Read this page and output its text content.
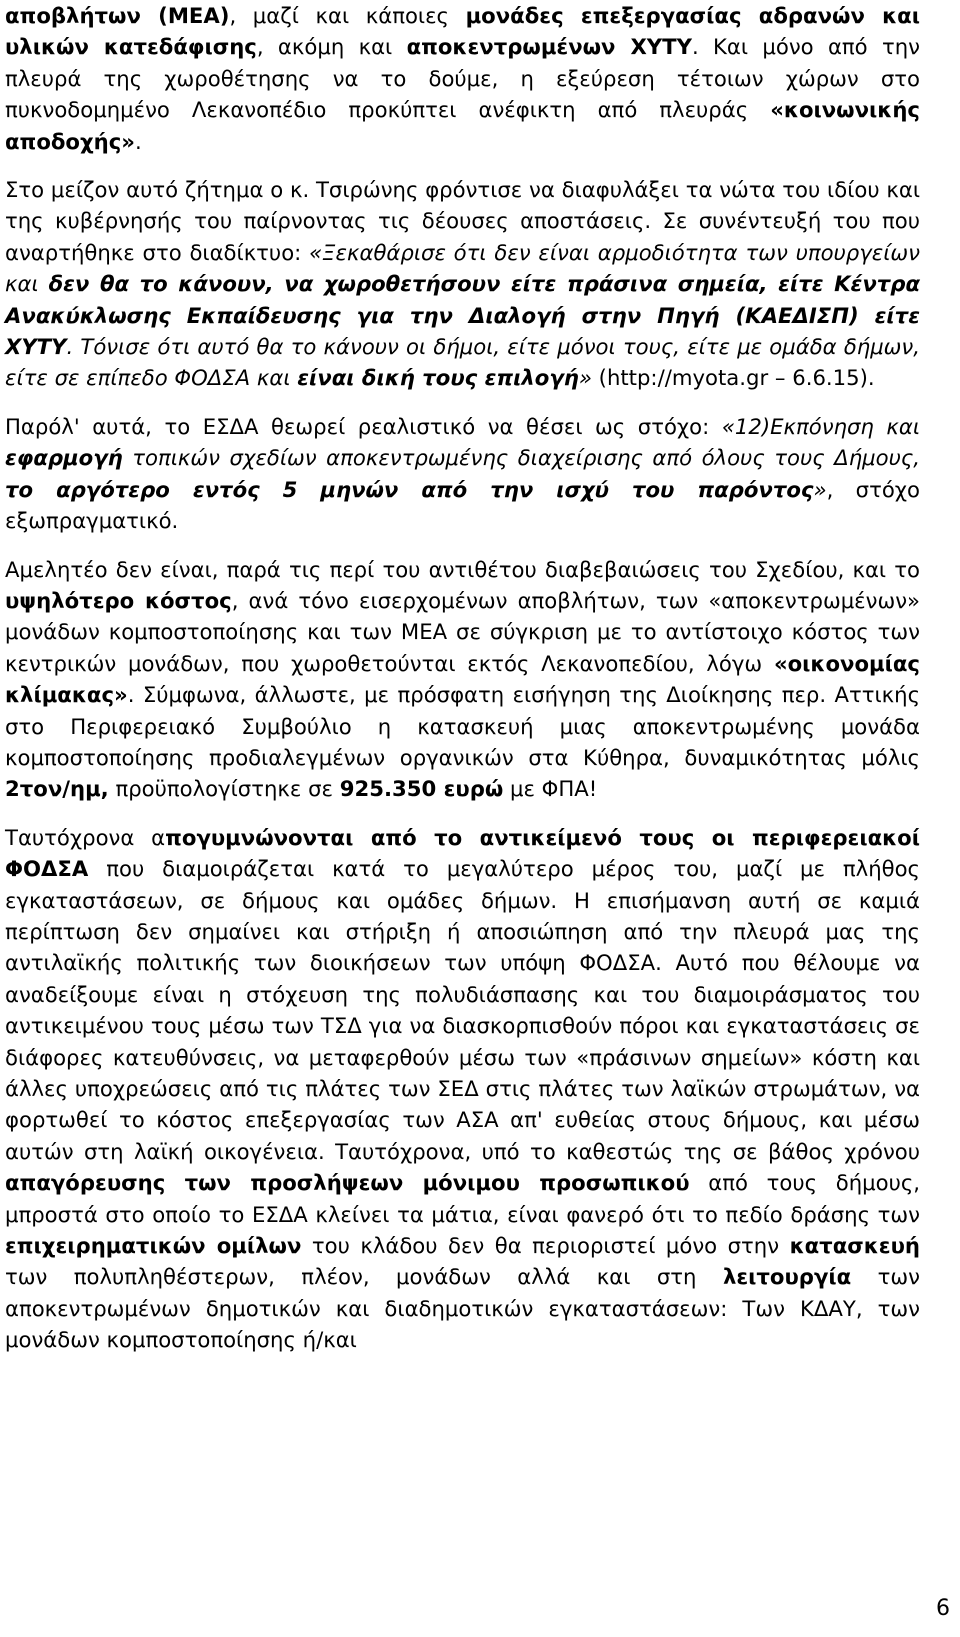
αποβλήτων (ΜΕΑ), μαζί και κάποιες μονάδες επεξεργασίας αδρανών και υλικών κατεδάφισης, ακόμη και αποκεντρωμένων ΧΥΤΥ. Και μόνο από την πλευρά της χωροθέτησης να το δούμε, η εξεύρεση τέτοιων χώρων στο πυκνοδομημένο Λεκανοπέδιο προκύπτει ανέφικτη από πλευράς «κοινωνικής αποδοχής».

Στο μείζον αυτό ζήτημα ο κ. Τσιρώνης φρόντισε να διαφυλάξει τα νώτα του ιδίου και της κυβέρνησής του παίρνοντας τις δέουσες αποστάσεις. Σε συνέντευξή του που αναρτήθηκε στο διαδίκτυο: «Ξεκαθάρισε ότι δεν είναι αρμοδιότητα των υπουργείων και δεν θα το κάνουν, να χωροθετήσουν είτε πράσινα σημεία, είτε Κέντρα Ανακύκλωσης Εκπαίδευσης για την Διαλογή στην Πηγή (ΚΑΕΔΙΣΠ) είτε ΧΥΤΥ. Τόνισε ότι αυτό θα το κάνουν οι δήμοι, είτε μόνοι τους, είτε με ομάδα δήμων, είτε σε επίπεδο ΦΟΔΣΑ και είναι δική τους επιλογή» (http://myota.gr – 6.6.15).

Παρόλ' αυτά, το ΕΣΔΑ θεωρεί ρεαλιστικό να θέσει ως στόχο: «12)Εκπόνηση και εφαρμογή τοπικών σχεδίων αποκεντρωμένης διαχείρισης από όλους τους Δήμους, το αργότερο εντός 5 μηνών από την ισχύ του παρόντος», στόχο εξωπραγματικό.

Αμελητέο δεν είναι, παρά τις περί του αντιθέτου διαβεβαιώσεις του Σχεδίου, και το υψηλότερο κόστος, ανά τόνο εισερχομένων αποβλήτων, των «αποκεντρωμένων» μονάδων κομποστοποίησης και των ΜΕΑ σε σύγκριση με το αντίστοιχο κόστος των κεντρικών μονάδων, που χωροθετούνται εκτός Λεκανοπεδίου, λόγω «οικονομίας κλίμακας». Σύμφωνα, άλλωστε, με πρόσφατη εισήγηση της Διοίκησης περ. Αττικής στο Περιφερειακό Συμβούλιο η κατασκευή μιας αποκεντρωμένης μονάδα κομποστοποίησης προδιαλεγμένων οργανικών στα Κύθηρα, δυναμικότητας μόλις 2τον/ημ, προϋπολογίστηκε σε 925.350 ευρώ με ΦΠΑ!

Ταυτόχρονα απογυμνώνονται από το αντικείμενό τους οι περιφερειακοί ΦΟΔΣΑ που διαμοιράζεται κατά το μεγαλύτερο μέρος του, μαζί με πλήθος εγκαταστάσεων, σε δήμους και ομάδες δήμων. Η επισήμανση αυτή σε καμιά περίπτωση δεν σημαίνει και στήριξη ή αποσιώπηση από την πλευρά μας της αντιλαϊκής πολιτικής των διοικήσεων των υπόψη ΦΟΔΣΑ. Αυτό που θέλουμε να αναδείξουμε είναι η στόχευση της πολυδιάσπασης και του διαμοιράσματος του αντικειμένου τους μέσω των ΤΣΔ για να διασκορπισθούν πόροι και εγκαταστάσεις σε διάφορες κατευθύνσεις, να μεταφερθούν μέσω των «πράσινων σημείων» κόστη και άλλες υποχρεώσεις από τις πλάτες των ΣΕΔ στις πλάτες των λαϊκών στρωμάτων, να φορτωθεί το κόστος επεξεργασίας των ΑΣΑ απ' ευθείας στους δήμους, και μέσω αυτών στη λαϊκή οικογένεια. Ταυτόχρονα, υπό το καθεστώς της σε βάθος χρόνου απαγόρευσης των προσλήψεων μόνιμου προσωπικού από τους δήμους, μπροστά στο οποίο το ΕΣΔΑ κλείνει τα μάτια, είναι φανερό ότι το πεδίο δράσης των επιχειρηματικών ομίλων του κλάδου δεν θα περιοριστεί μόνο στην κατασκευή των πολυπληθέστερων, πλέον, μονάδων αλλά και στη λειτουργία των αποκεντρωμένων δημοτικών και διαδημοτικών εγκαταστάσεων: Των ΚΔΑΥ, των μονάδων κομποστοποίησης ή/και

6
